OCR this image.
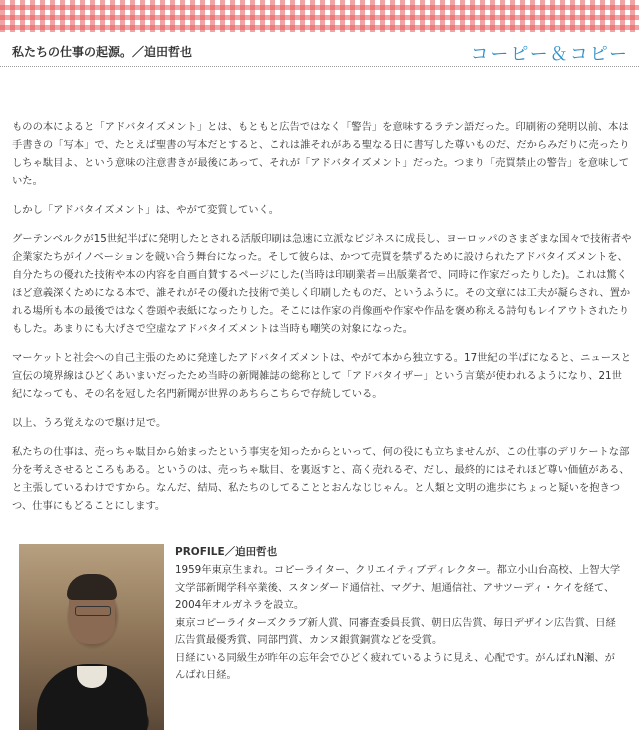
私たちの仕事の起源。／迫田哲也	コーピー＆コピー

ものの本によると「アドバタイズメント」とは、もともと広告ではなく「警告」を意味するラテン語だった。印刷術の発明以前、本は手書きの「写本」で、たとえば聖書の写本だとすると、これは誰それがある聖なる日に書写した尊いものだ、だからみだりに売ったりしちゃ駄目よ、という意味の注意書きが最後にあって、それが「アドバタイズメント」だった。つまり「売買禁止の警告」を意味していた。

しかし「アドバタイズメント」は、やがて変質していく。

グーテンベルクが15世紀半ばに発明したとされる活版印刷は急速に立派なビジネスに成長し、ヨーロッパのさまざまな国々で技術者や企業家たちがイノベーションを競い合う舞台になった。そして彼らは、かつて売買を禁ずるために設けられたアドバタイズメントを、自分たちの優れた技術や本の内容を自画自賛するページにした(当時は印刷業者＝出版業者で、同時に作家だったりした)。これは驚くほど意義深くためになる本で、誰それがその優れた技術で美しく印刷したものだ、というふうに。その文章には工夫が凝らされ、置かれる場所も本の最後ではなく巻頭や表紙になったりした。そこには作家の肖像画や作家や作品を褒め称える詩句もレイアウトされたりもした。あまりにも大げさで空虚なアドバタイズメントは当時も嘲笑の対象になった。

マーケットと社会への自己主張のために発達したアドバタイズメントは、やがて本から独立する。17世紀の半ばになると、ニュースと宣伝の境界線はひどくあいまいだったため当時の新聞雑誌の総称として「アドバタイザー」という言葉が使われるようになり、21世紀になっても、その名を冠した名門新聞が世界のあちらこちらで存続している。

以上、うろ覚えなので駆け足で。

私たちの仕事は、売っちゃ駄目から始まったという事実を知ったからといって、何の役にも立ちませんが、この仕事のデリケートな部分を考えさせるところもある。というのは、売っちゃ駄目、を裏返すと、高く売れるぞ、だし、最終的にはそれほど尊い価値がある、と主張しているわけですから。なんだ、結局、私たちのしてることとおんなじじゃん。と人類と文明の進歩にちょっと疑いを抱きつつ、仕事にもどることにします。

PROFILE／迫田哲也
1959年東京生まれ。コピーライター、クリエイティブディレクター。都立小山台高校、上智大学文学部新聞学科卒業後、スタンダード通信社、マグナ、旭通信社、アサツーディ・ケイを経て、2004年オルガネラを設立。
東京コピーライターズクラブ新人賞、同審査委員長賞、朝日広告賞、毎日デザイン広告賞、日経広告賞最優秀賞、同部門賞、カンヌ銀賞銅賞などを受賞。
日経にいる同級生が昨年の忘年会でひどく疲れているように見え、心配です。がんばれN瀬、がんばれ日経。
